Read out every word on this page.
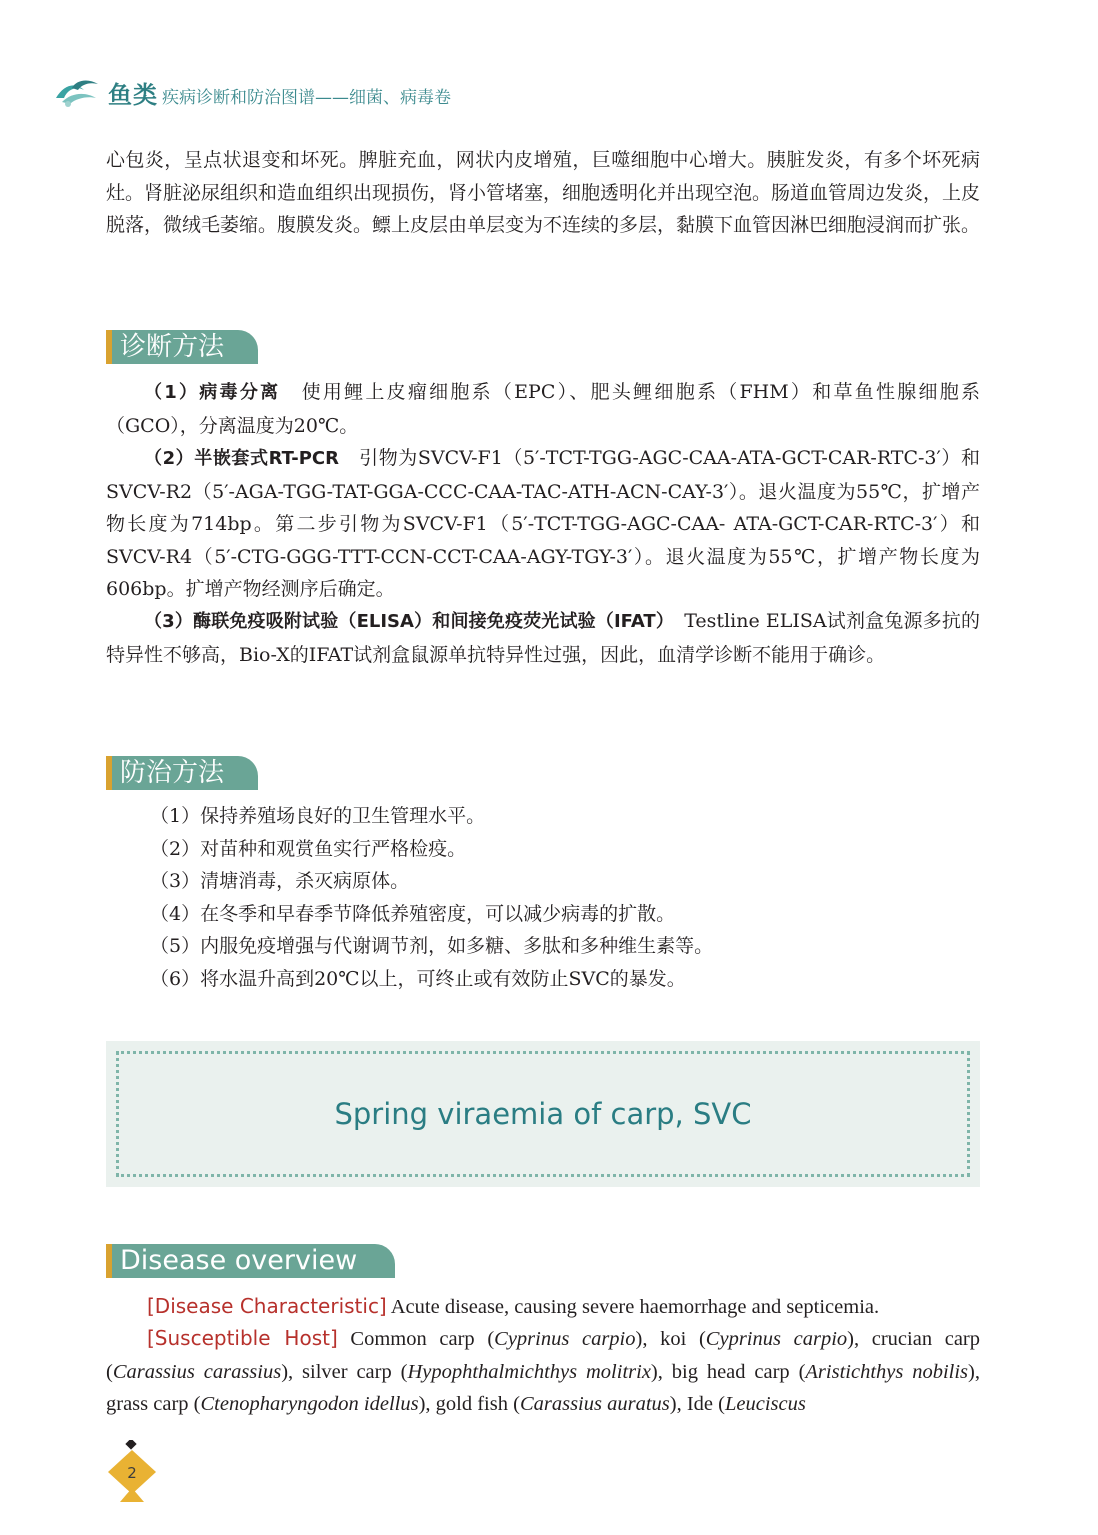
鱼类 疾病诊断和防治图谱——细菌、病毒卷

心包炎，呈点状退变和坏死。脾脏充血，网状内皮增殖，巨噬细胞中心增大。胰脏发炎，有多个坏死病灶。肾脏泌尿组织和造血组织出现损伤，肾小管堵塞，细胞透明化并出现空泡。肠道血管周边发炎，上皮脱落，微绒毛萎缩。腹膜发炎。鳔上皮层由单层变为不连续的多层，黏膜下血管因淋巴细胞浸润而扩张。

诊断方法

（1）病毒分离　使用鲤上皮瘤细胞系（EPC）、肥头鲤细胞系（FHM）和草鱼性腺细胞系（GCO），分离温度为20℃。

（2）半嵌套式RT-PCR　引物为SVCV-F1（5′-TCT-TGG-AGC-CAA-ATA-GCT-CAR-RTC-3′）和SVCV-R2（5′-AGA-TGG-TAT-GGA-CCC-CAA-TAC-ATH-ACN-CAY-3′）。退火温度为55℃，扩增产物长度为714bp。第二步引物为SVCV-F1（5′-TCT-TGG-AGC-CAA- ATA-GCT-CAR-RTC-3′）和SVCV-R4（5′-CTG-GGG-TTT-CCN-CCT-CAA-AGY-TGY-3′）。退火温度为55℃，扩增产物长度为606bp。扩增产物经测序后确定。

（3）酶联免疫吸附试验（ELISA）和间接免疫荧光试验（IFAT）　Testline ELISA试剂盒兔源多抗的特异性不够高，Bio-X的IFAT试剂盒鼠源单抗特异性过强，因此，血清学诊断不能用于确诊。

防治方法
（1）保持养殖场良好的卫生管理水平。
（2）对苗种和观赏鱼实行严格检疫。
（3）清塘消毒，杀灭病原体。
（4）在冬季和早春季节降低养殖密度，可以减少病毒的扩散。
（5）内服免疫增强与代谢调节剂，如多糖、多肽和多种维生素等。
（6）将水温升高到20℃以上，可终止或有效防止SVC的暴发。
Spring viraemia of carp, SVC
Disease overview

[Disease Characteristic] Acute disease, causing severe haemorrhage and septicemia.

[Susceptible Host] Common carp (Cyprinus carpio), koi (Cyprinus carpio), crucian carp (Carassius carassius), silver carp (Hypophthalmichthys molitrix), big head carp (Aristichthys nobilis), grass carp (Ctenopharyngodon idellus), gold fish (Carassius auratus), Ide (Leuciscus

2
